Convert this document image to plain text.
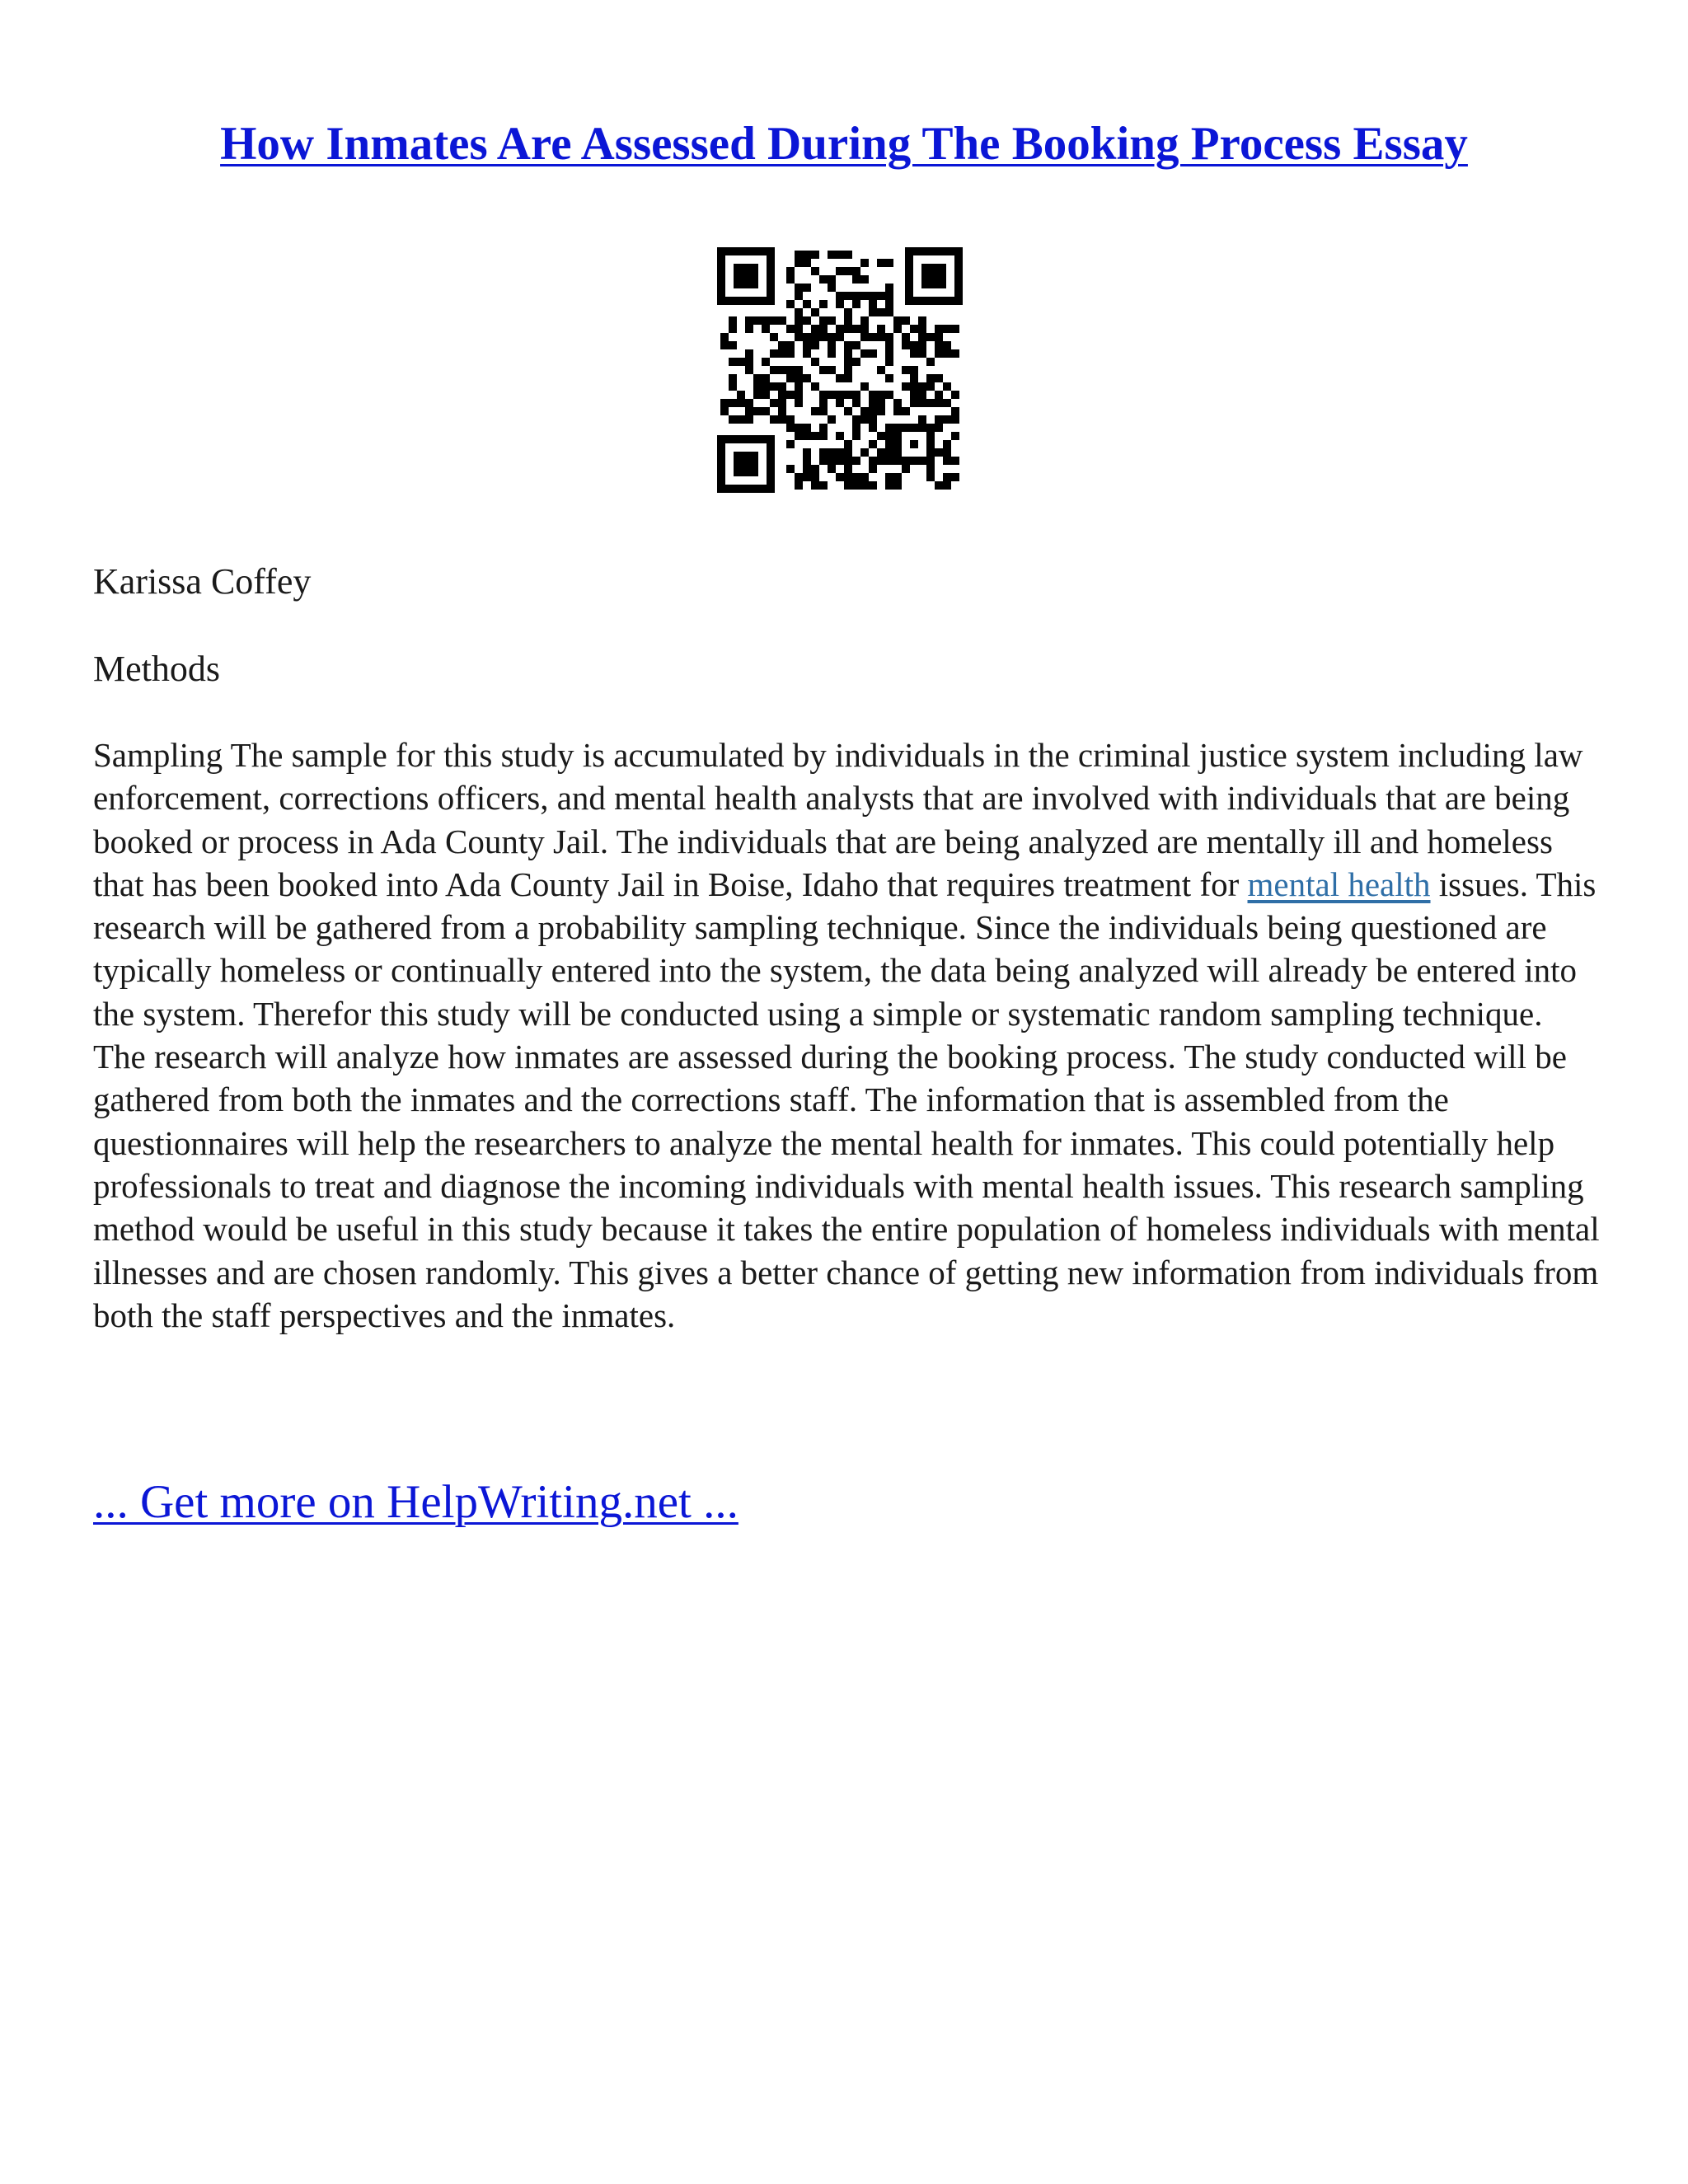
How Inmates Are Assessed During The Booking Process Essay

Karissa Coffey

Methods

Sampling The sample for this study is accumulated by individuals in the criminal justice system including law enforcement, corrections officers, and mental health analysts that are involved with individuals that are being booked or process in Ada County Jail. The individuals that are being analyzed are mentally ill and homeless that has been booked into Ada County Jail in Boise, Idaho that requires treatment for mental health issues. This research will be gathered from a probability sampling technique. Since the individuals being questioned are typically homeless or continually entered into the system, the data being analyzed will already be entered into the system. Therefor this study will be conducted using a simple or systematic random sampling technique. The research will analyze how inmates are assessed during the booking process. The study conducted will be gathered from both the inmates and the corrections staff. The information that is assembled from the questionnaires will help the researchers to analyze the mental health for inmates. This could potentially help professionals to treat and diagnose the incoming individuals with mental health issues. This research sampling method would be useful in this study because it takes the entire population of homeless individuals with mental illnesses and are chosen randomly. This gives a better chance of getting new information from individuals from both the staff perspectives and the inmates.

... Get more on HelpWriting.net ...
